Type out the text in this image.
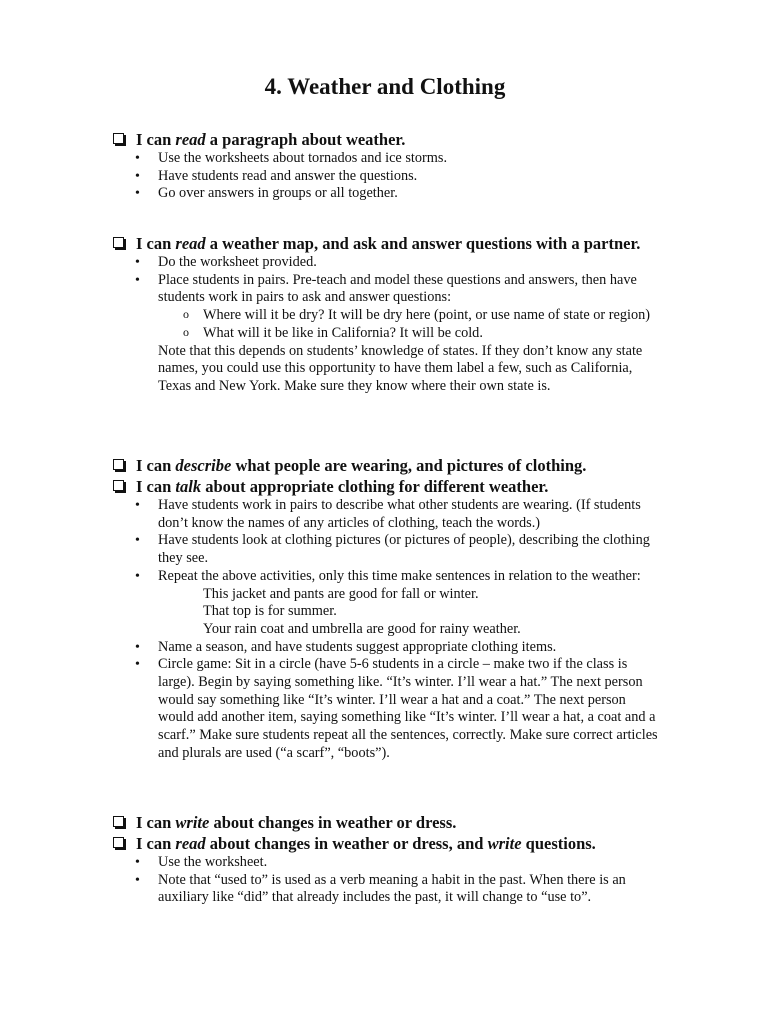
4. Weather and Clothing
I can read a paragraph about weather.
• Use the worksheets about tornados and ice storms.
• Have students read and answer the questions.
• Go over answers in groups or all together.
I can read a weather map, and ask and answer questions with a partner.
• Do the worksheet provided.
• Place students in pairs. Pre-teach and model these questions and answers, then have students work in pairs to ask and answer questions:
o Where will it be dry? It will be dry here (point, or use name of state or region)
o What will it be like in California? It will be cold.
Note that this depends on students’ knowledge of states. If they don’t know any state names, you could use this opportunity to have them label a few, such as California, Texas and New York. Make sure they know where their own state is.
I can describe what people are wearing, and pictures of clothing.
I can talk about appropriate clothing for different weather.
• Have students work in pairs to describe what other students are wearing. (If students don’t know the names of any articles of clothing, teach the words.)
• Have students look at clothing pictures (or pictures of people), describing the clothing they see.
• Repeat the above activities, only this time make sentences in relation to the weather:
This jacket and pants are good for fall or winter.
That top is for summer.
Your rain coat and umbrella are good for rainy weather.
• Name a season, and have students suggest appropriate clothing items.
• Circle game: Sit in a circle (have 5-6 students in a circle – make two if the class is large). Begin by saying something like. “It’s winter. I’ll wear a hat.” The next person would say something like “It’s winter. I’ll wear a hat and a coat.” The next person would add another item, saying something like “It’s winter. I’ll wear a hat, a coat and a scarf.” Make sure students repeat all the sentences, correctly. Make sure correct articles and plurals are used (“a scarf”, “boots”).
I can write about changes in weather or dress.
I can read about changes in weather or dress, and write questions.
• Use the worksheet.
• Note that “used to” is used as a verb meaning a habit in the past. When there is an auxiliary like “did” that already includes the past, it will change to “use to”.
